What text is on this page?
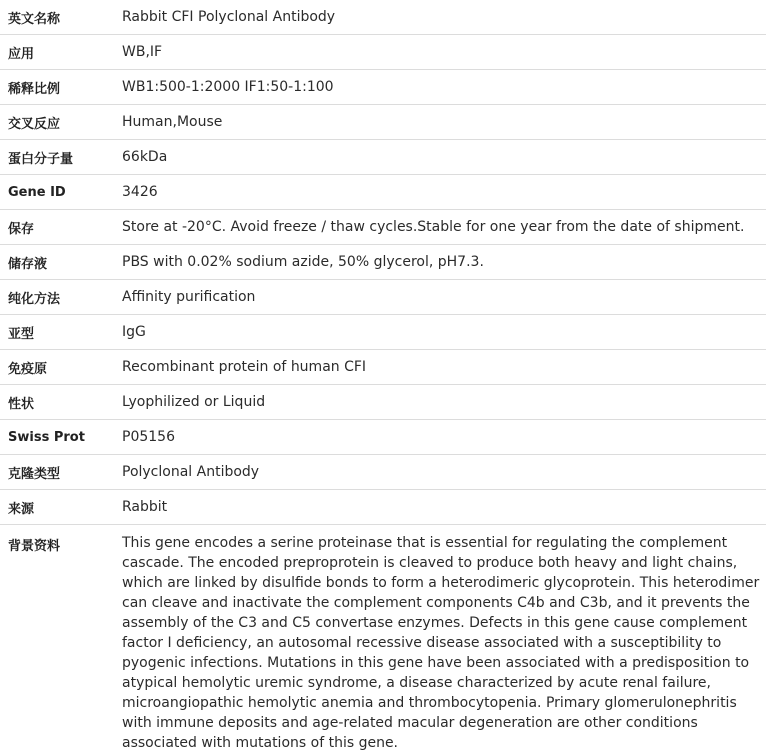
英文名称	Rabbit CFI Polyclonal Antibody
应用	WB,IF
稀释比例	WB1:500-1:2000 IF1:50-1:100
交叉反应	Human,Mouse
蛋白分子量	66kDa
Gene ID	3426
保存	Store at -20°C. Avoid freeze / thaw cycles.Stable for one year from the date of shipment.
储存液	PBS with 0.02% sodium azide, 50% glycerol, pH7.3.
纯化方法	Affinity purification
亚型	IgG
免疫原	Recombinant protein of human CFI
性状	Lyophilized or Liquid
Swiss Prot	P05156
克隆类型	Polyclonal Antibody
来源	Rabbit
背景资料	This gene encodes a serine proteinase that is essential for regulating the complement cascade. The encoded preproprotein is cleaved to produce both heavy and light chains, which are linked by disulfide bonds to form a heterodimeric glycoprotein. This heterodimer can cleave and inactivate the complement components C4b and C3b, and it prevents the assembly of the C3 and C5 convertase enzymes. Defects in this gene cause complement factor I deficiency, an autosomal recessive disease associated with a susceptibility to pyogenic infections. Mutations in this gene have been associated with a predisposition to atypical hemolytic uremic syndrome, a disease characterized by acute renal failure, microangiopathic hemolytic anemia and thrombocytopenia. Primary glomerulonephritis with immune deposits and age-related macular degeneration are other conditions associated with mutations of this gene.
